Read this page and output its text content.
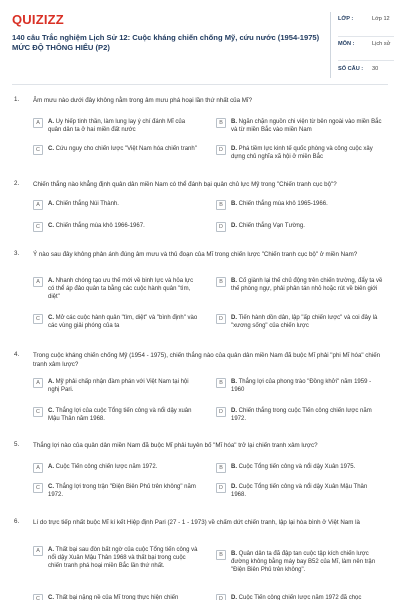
QUIZIZZ
140 câu Trắc nghiệm Lịch Sử 12: Cuộc kháng chiến chống Mỹ, cứu nước (1954-1975)
MỨC ĐỘ THÔNG HIỂU (P2)
LỚP :	Lớp 12
MÔN :	Lịch sử
SỐ CÂU :	30
1. Âm mưu nào dưới đây không nằm trong âm mưu phá hoại lần thứ nhất của Mĩ?
A	A. Uy hiếp tinh thần, làm lung lay ý chí đánh Mĩ của quân dân ta ở hai miền đất nước
B	B. Ngăn chặn nguồn chi viện từ bên ngoài vào miền Bắc và từ miền Bắc vào miền Nam
C	C. Cứu nguy cho chiến lược "Việt Nam hóa chiến tranh"	D	D. Phá tiềm lực kinh tế quốc phòng và công cuộc xây dựng chủ nghĩa xã hội ở miền Bắc
2. Chiến thắng nào khẳng định quân dân miền Nam có thể đánh bại quân chủ lực Mỹ trong "Chiến tranh cục bộ"?
A	A. Chiến thắng Núi Thành.	B	B. Chiến thắng mùa khô 1965-1966.
C	C. Chiến thắng mùa khô 1966-1967.	D	D. Chiến thắng Vạn Tường.
3. Ý nào sau đây không phản ánh đúng âm mưu và thủ đoạn của Mĩ trong chiến lược "Chiến tranh cục bộ" ở miền Nam?
A	A. Nhanh chóng tạo ưu thế mới về binh lực và hỏa lực có thể áp đảo quân ta bằng các cuộc hành quân "tìm, diệt"
B	B. Cố giành lại thế chủ động trên chiến trường, đẩy ta về thế phòng ngự, phải phân tán nhỏ hoặc rút về biên giới
C	C. Mở các cuộc hành quân "tìm, diệt" và "bình định" vào các vùng giải phóng của ta
D	D. Tiến hành dồn dân, lập "ấp chiến lược" và coi đây là "xương sống" của chiến lược
4. Trong cuộc kháng chiến chống Mỹ (1954 - 1975), chiến thắng nào của quân dân miền Nam đã buộc Mĩ phải "phi Mĩ hóa" chiến tranh xâm lược?
A	A. Mỹ phải chấp nhận đàm phán với Việt Nam tại hội nghị Pari.
B	B. Thắng lợi của phong trào "Đồng khởi" năm 1959 - 1960
C	C. Thắng lợi của cuộc Tổng tiến công và nổi dậy xuân Mậu Thân năm 1968.
D	D. Chiến thắng trong cuộc Tiến công chiến lược năm 1972.
5. Thắng lợi nào của quân dân miền Nam đã buộc Mĩ phải tuyên bố "Mĩ hóa" trở lại chiến tranh xâm lược?
A	A. Cuộc Tiến công chiến lược năm 1972.	B	B. Cuộc Tổng tiến công và nổi dậy Xuân 1975.
C	C. Thắng lợi trong trận "Điện Biên Phủ trên không" năm 1972.
D	D. Cuộc Tổng tiến công và nổi dậy Xuân Mậu Thân 1968.
6. Lí do trực tiếp nhất buộc Mĩ kí kết Hiệp định Pari (27 - 1 - 1973) về chấm dứt chiến tranh, lập lại hòa bình ở Việt Nam là
A	A. Thất bại sau đòn bất ngờ của cuộc Tổng tiến công và nổi dậy Xuân Mậu Thân 1968 và thất bại trong cuộc chiến tranh phá hoại miền Bắc lần thứ nhất.
B	B. Quân dân ta đã đập tan cuộc tập kích chiến lược đường không bằng máy bay B52 của Mĩ, làm nên trận "Điện Biên Phủ trên không".
C	C. Thất bại nặng nề của Mĩ trong thực hiện chiến	D	D. Cuộc Tiến công chiến lược năm 1972 đã chọc
